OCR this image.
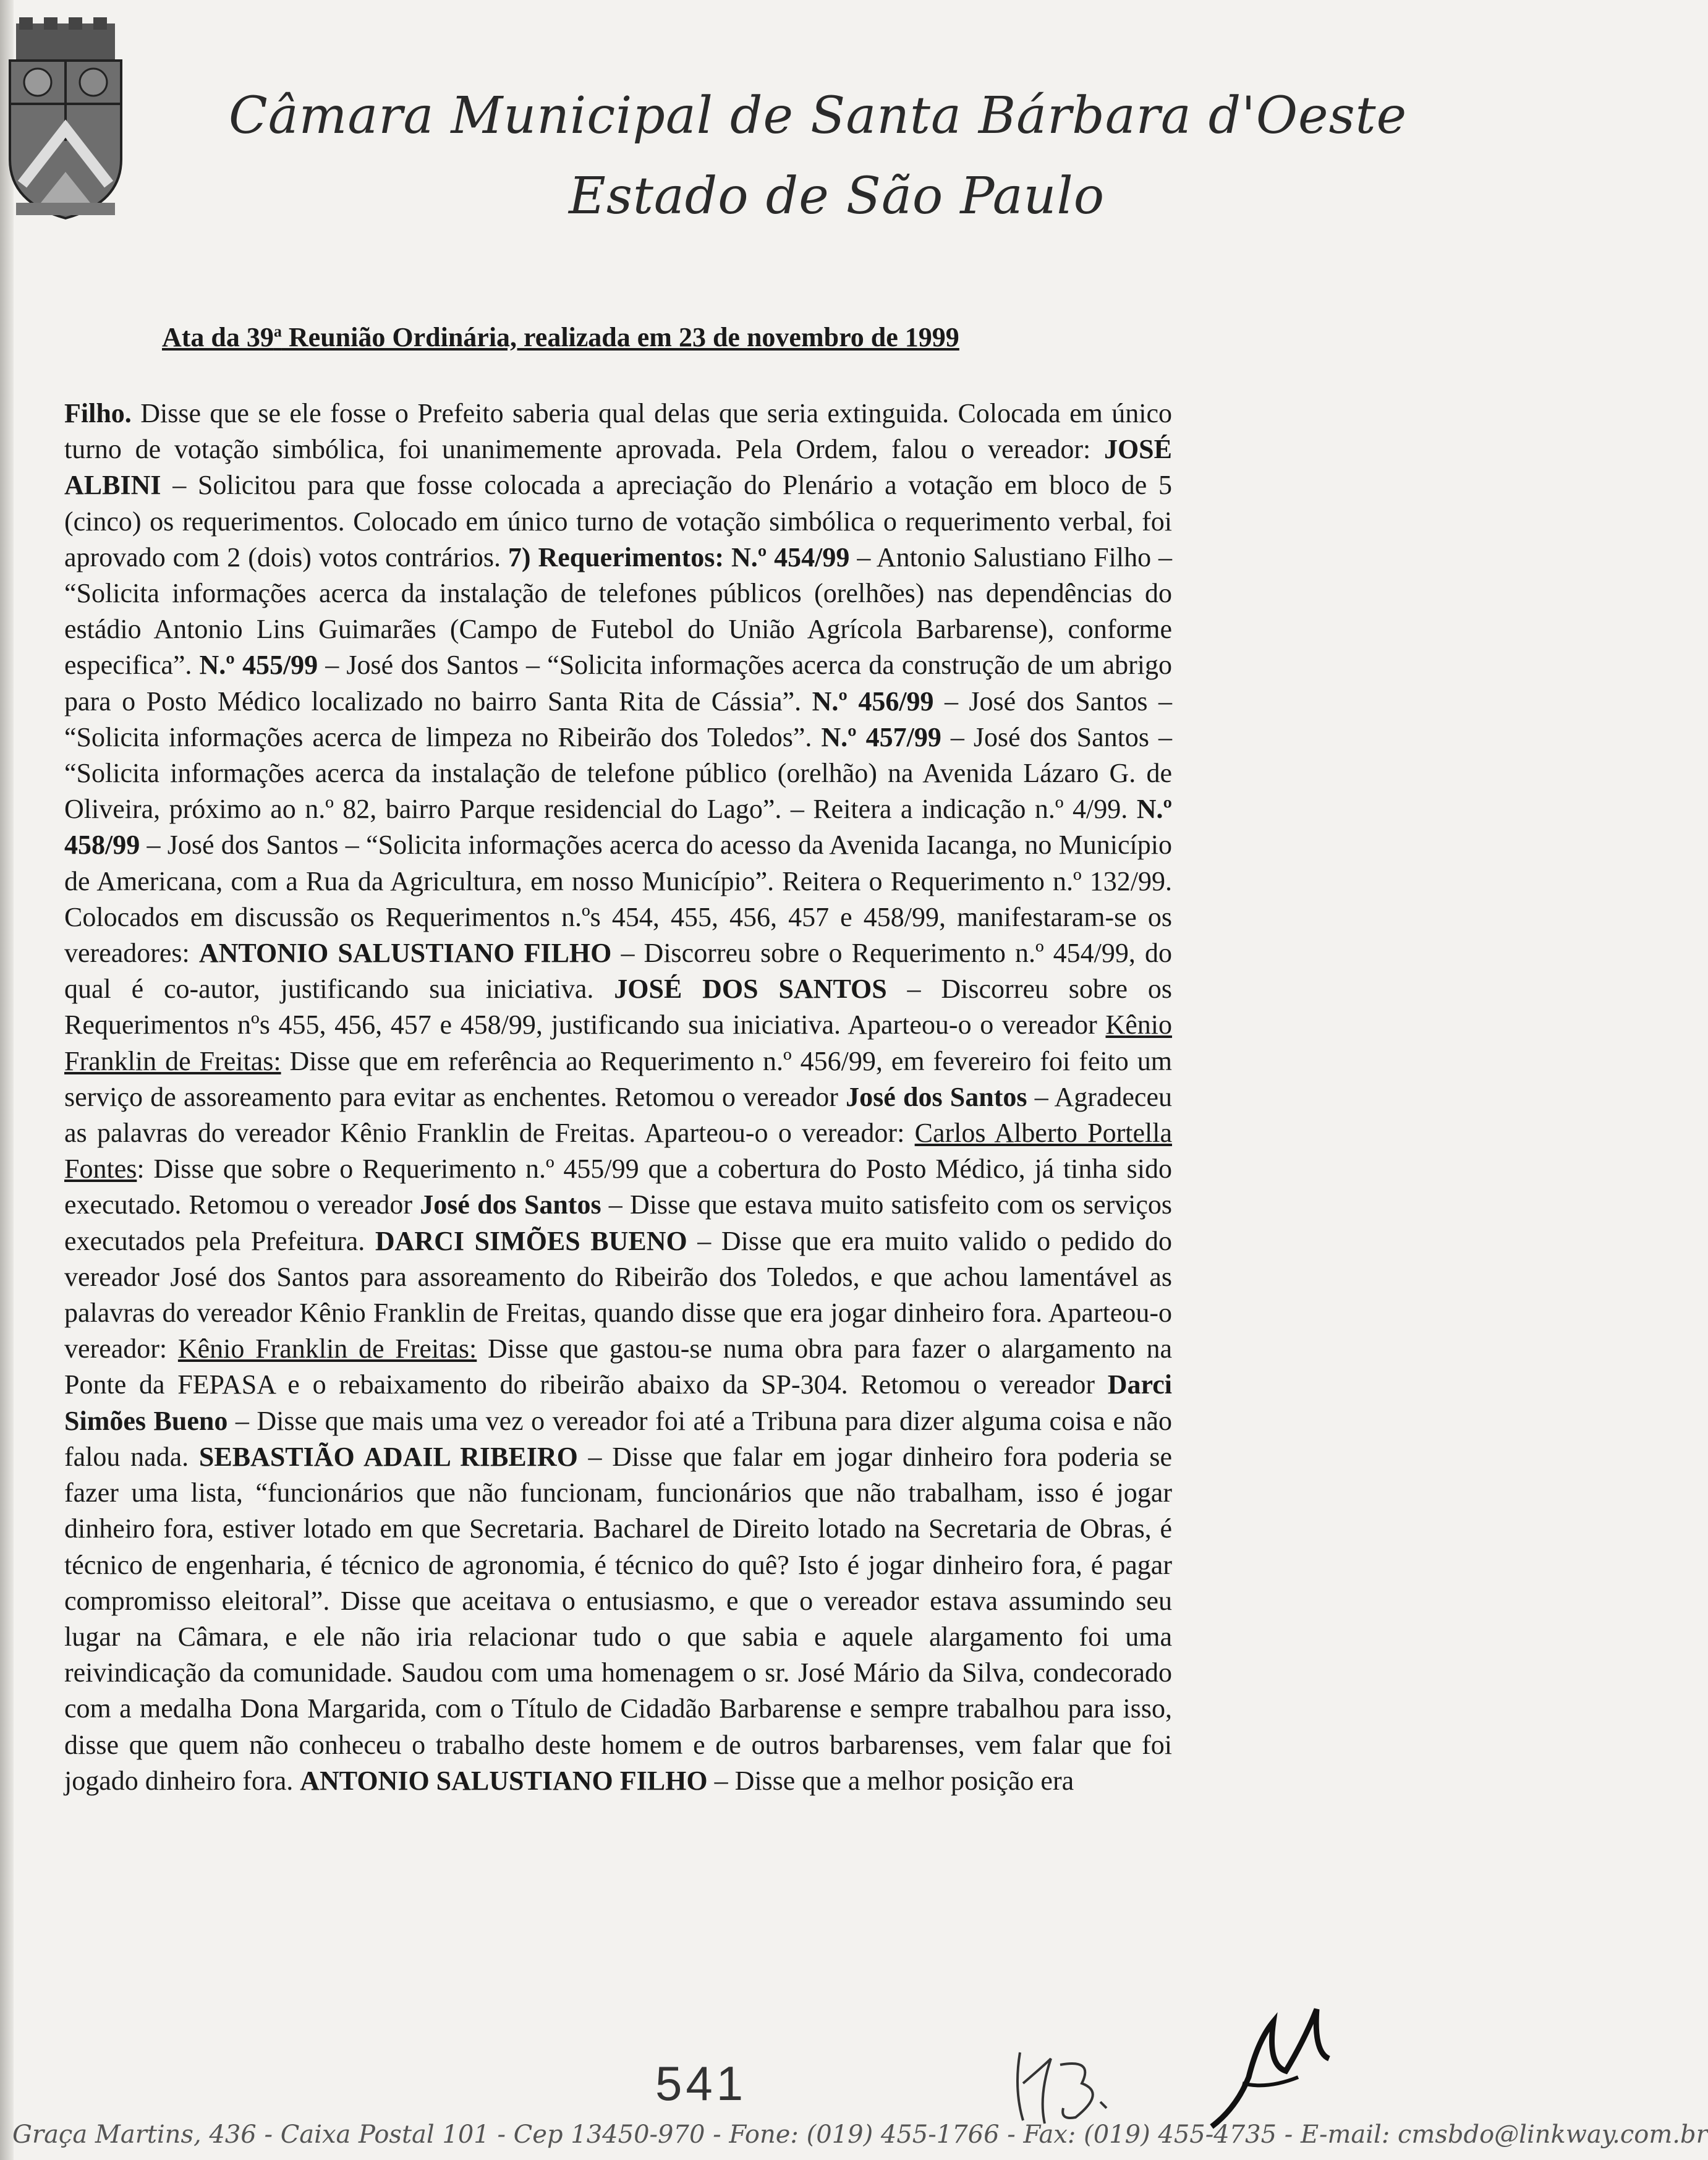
Câmara Municipal de Santa Bárbara d'Oeste
Estado de São Paulo
Ata da 39$^a$ Reunião Ordinária, realizada em 23 de novembro de 1999
Filho. Disse que se ele fosse o Prefeito saberia qual delas que seria extinguida. Colocada em único turno de votação simbólica, foi unanimemente aprovada. Pela Ordem, falou o vereador: JOSÉ ALBINI – Solicitou para que fosse colocada a apreciação do Plenário a votação em bloco de 5 (cinco) os requerimentos. Colocado em único turno de votação simbólica o requerimento verbal, foi aprovado com 2 (dois) votos contrários. 7) Requerimentos: N.º 454/99 – Antonio Salustiano Filho – “Solicita informações acerca da instalação de telefones públicos (orelhões) nas dependências do estádio Antonio Lins Guimarães (Campo de Futebol do União Agrícola Barbarense), conforme especifica”. N.º 455/99 – José dos Santos – “Solicita informações acerca da construção de um abrigo para o Posto Médico localizado no bairro Santa Rita de Cássia”. N.º 456/99 – José dos Santos – “Solicita informações acerca de limpeza no Ribeirão dos Toledos”. N.º 457/99 – José dos Santos – “Solicita informações acerca da instalação de telefone público (orelhão) na Avenida Lázaro G. de Oliveira, próximo ao n.º 82, bairro Parque residencial do Lago”. – Reitera a indicação n.º 4/99. N.º 458/99 – José dos Santos – “Solicita informações acerca do acesso da Avenida Iacanga, no Município de Americana, com a Rua da Agricultura, em nosso Município”. Reitera o Requerimento n.º 132/99. Colocados em discussão os Requerimentos n.ºs 454, 455, 456, 457 e 458/99, manifestaram-se os vereadores: ANTONIO SALUSTIANO FILHO – Discorreu sobre o Requerimento n.º 454/99, do qual é co-autor, justificando sua iniciativa. JOSÉ DOS SANTOS – Discorreu sobre os Requerimentos nºs 455, 456, 457 e 458/99, justificando sua iniciativa. Aparteou-o o vereador Kênio Franklin de Freitas: Disse que em referência ao Requerimento n.º 456/99, em fevereiro foi feito um serviço de assoreamento para evitar as enchentes. Retomou o vereador José dos Santos – Agradeceu as palavras do vereador Kênio Franklin de Freitas. Aparteou-o o vereador: Carlos Alberto Portella Fontes: Disse que sobre o Requerimento n.º 455/99 que a cobertura do Posto Médico, já tinha sido executado. Retomou o vereador José dos Santos – Disse que estava muito satisfeito com os serviços executados pela Prefeitura. DARCI SIMÕES BUENO – Disse que era muito valido o pedido do vereador José dos Santos para assoreamento do Ribeirão dos Toledos, e que achou lamentável as palavras do vereador Kênio Franklin de Freitas, quando disse que era jogar dinheiro fora. Aparteou-o vereador: Kênio Franklin de Freitas: Disse que gastou-se numa obra para fazer o alargamento na Ponte da FEPASA e o rebaixamento do ribeirão abaixo da SP-304. Retomou o vereador Darci Simões Bueno – Disse que mais uma vez o vereador foi até a Tribuna para dizer alguma coisa e não falou nada. SEBASTIÃO ADAIL RIBEIRO – Disse que falar em jogar dinheiro fora poderia se fazer uma lista, “funcionários que não funcionam, funcionários que não trabalham, isso é jogar dinheiro fora, estiver lotado em que Secretaria. Bacharel de Direito lotado na Secretaria de Obras, é técnico de engenharia, é técnico de agronomia, é técnico do quê? Isto é jogar dinheiro fora, é pagar compromisso eleitoral”. Disse que aceitava o entusiasmo, e que o vereador estava assumindo seu lugar na Câmara, e ele não iria relacionar tudo o que sabia e aquele alargamento foi uma reivindicação da comunidade. Saudou com uma homenagem o sr. José Mário da Silva, condecorado com a medalha Dona Margarida, com o Título de Cidadão Barbarense e sempre trabalhou para isso, disse que quem não conheceu o trabalho deste homem e de outros barbarenses, vem falar que foi jogado dinheiro fora. ANTONIO SALUSTIANO FILHO – Disse que a melhor posição era
541
Graça Martins, 436 - Caixa Postal 101 - Cep 13450-970 - Fone: (019) 455-1766 - Fax: (019) 455-4735 - E-mail: cmsbdo@linkway.com.br
